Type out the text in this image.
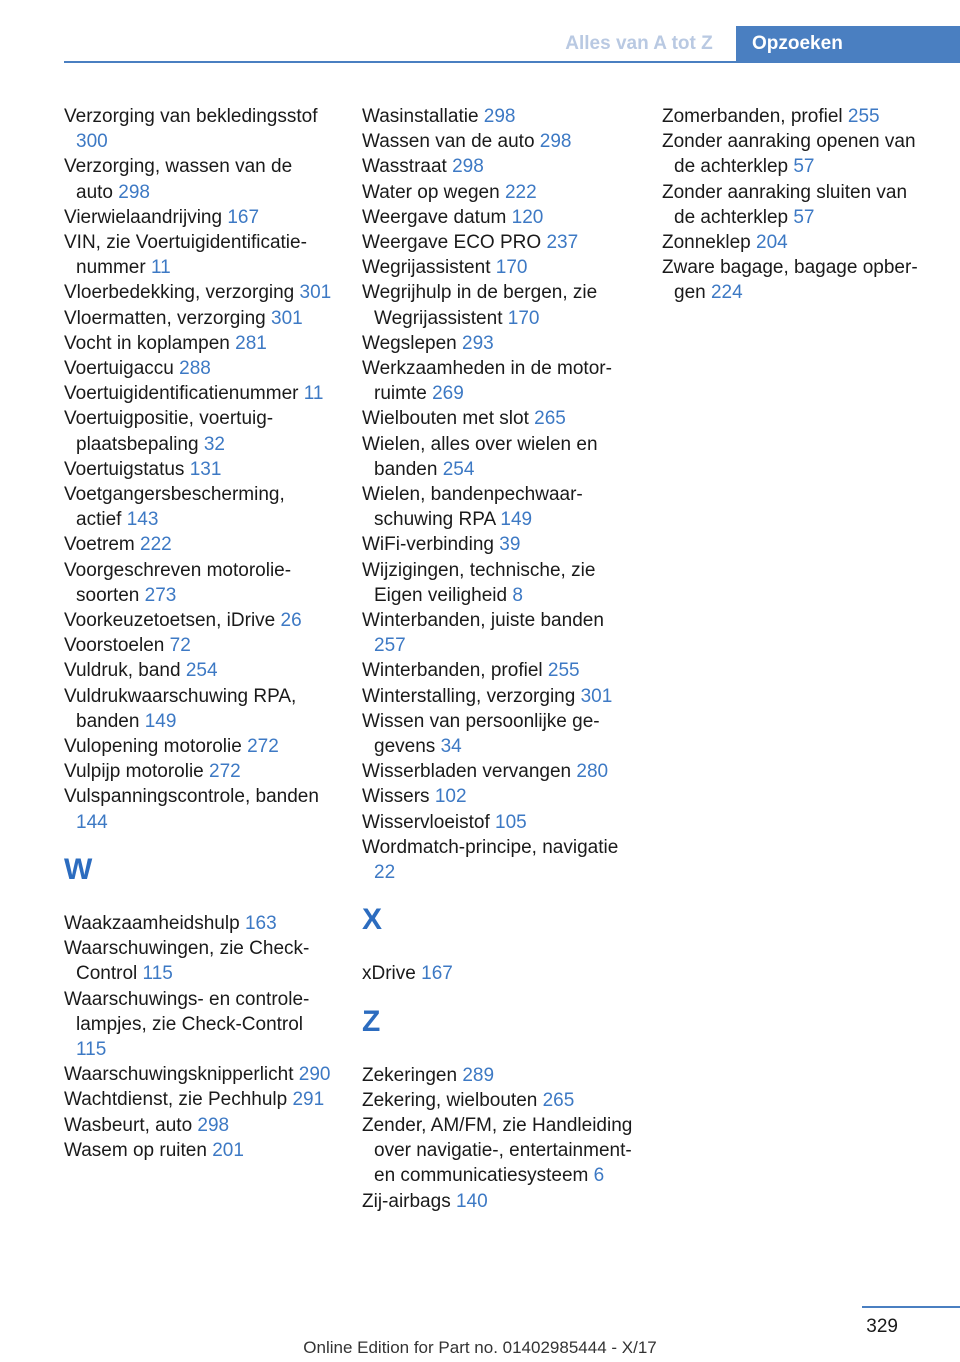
Alles van A tot Z	Opzoeken
Verzorging van bekledingsstof 300
Verzorging, wassen van de auto 298
Vierwielaandrijving 167
VIN, zie Voertuigidentificatienummer 11
Vloerbedekking, verzorging 301
Vloermatten, verzorging 301
Vocht in koplampen 281
Voertuigaccu 288
Voertuigidentificatienummer 11
Voertuigpositie, voertuigplaatsbepaling 32
Voertuigstatus 131
Voetgangersbescherming, actief 143
Voetrem 222
Voorgeschreven motoroliesoorten 273
Voorkeuzetoetsen, iDrive 26
Voorstoelen 72
Vuldruk, band 254
Vuldrukwaarschuwing RPA, banden 149
Vulopening motorolie 272
Vulpijp motorolie 272
Vulspanningscontrole, banden 144
W
Waakzaamheidshulp 163
Waarschuwingen, zie Check-Control 115
Waarschuwings- en controlelampjes, zie Check-Control 115
Waarschuwingsknipperlicht 290
Wachtdienst, zie Pechhulp 291
Wasbeurt, auto 298
Wasem op ruiten 201
Wasinstallatie 298
Wassen van de auto 298
Wasstraat 298
Water op wegen 222
Weergave datum 120
Weergave ECO PRO 237
Wegrijassistent 170
Wegrijhulp in de bergen, zie Wegrijassistent 170
Wegslepen 293
Werkzaamheden in de motorruimte 269
Wielbouten met slot 265
Wielen, alles over wielen en banden 254
Wielen, bandenpechwaarschuwing RPA 149
WiFi-verbinding 39
Wijzigingen, technische, zie Eigen veiligheid 8
Winterbanden, juiste banden 257
Winterbanden, profiel 255
Winterstalling, verzorging 301
Wissen van persoonlijke gegevens 34
Wisserbladen vervangen 280
Wissers 102
Wisservloeistof 105
Wordmatch-principe, navigatie 22
X
xDrive 167
Z
Zekeringen 289
Zekering, wielbouten 265
Zender, AM/FM, zie Handleiding over navigatie-, entertainment- en communicatiesysteem 6
Zij-airbags 140
Zomerbanden, profiel 255
Zonder aanraking openen van de achterklep 57
Zonder aanraking sluiten van de achterklep 57
Zonneklep 204
Zware bagage, bagage opbergen 224
329
Online Edition for Part no. 01402985444 - X/17
